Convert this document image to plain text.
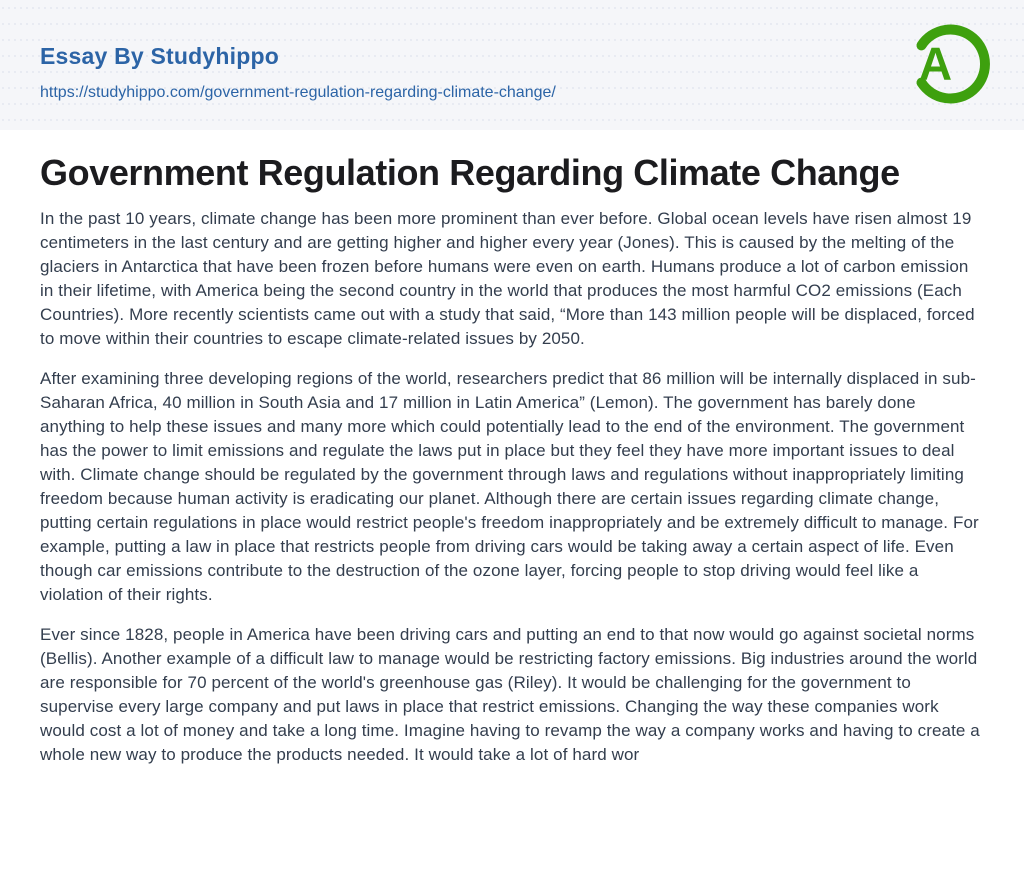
Essay By Studyhippo
https://studyhippo.com/government-regulation-regarding-climate-change/
A
Government Regulation Regarding Climate Change

In the past 10 years, climate change has been more prominent than ever before. Global ocean levels have risen almost 19 centimeters in the last century and are getting higher and higher every year (Jones). This is caused by the melting of the glaciers in Antarctica that have been frozen before humans were even on earth. Humans produce a lot of carbon emission in their lifetime, with America being the second country in the world that produces the most harmful CO2 emissions (Each Countries). More recently scientists came out with a study that said, “More than 143 million people will be displaced, forced to move within their countries to escape climate-related issues by 2050.

After examining three developing regions of the world, researchers predict that 86 million will be internally displaced in sub-Saharan Africa, 40 million in South Asia and 17 million in Latin America” (Lemon). The government has barely done anything to help these issues and many more which could potentially lead to the end of the environment. The government has the power to limit emissions and regulate the laws put in place but they feel they have more important issues to deal with. Climate change should be regulated by the government through laws and regulations without inappropriately limiting freedom because human activity is eradicating our planet. Although there are certain issues regarding climate change, putting certain regulations in place would restrict people's freedom inappropriately and be extremely difficult to manage. For example, putting a law in place that restricts people from driving cars would be taking away a certain aspect of life. Even though car emissions contribute to the destruction of the ozone layer, forcing people to stop driving would feel like a violation of their rights.

Ever since 1828, people in America have been driving cars and putting an end to that now would go against societal norms (Bellis). Another example of a difficult law to manage would be restricting factory emissions. Big industries around the world are responsible for 70 percent of the world's greenhouse gas (Riley). It would be challenging for the government to supervise every large company and put laws in place that restrict emissions. Changing the way these companies work would cost a lot of money and take a long time. Imagine having to revamp the way a company works and having to create a whole new way to produce the products needed. It would take a lot of hard wor
